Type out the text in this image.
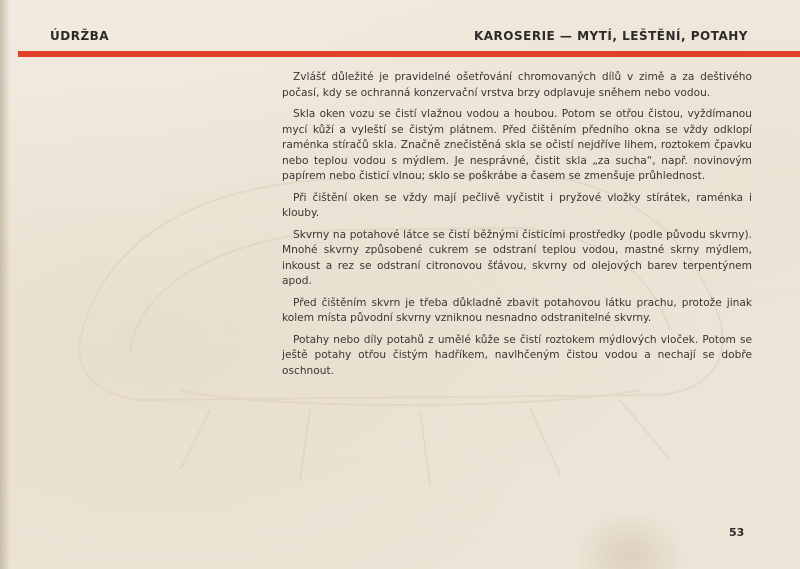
ÚDRŽBA	KAROSERIE — MYTÍ, LEŠTĚNÍ, POTAHY

Zvlášť důležité je pravidelné ošetřování chromovaných dílů v zimě a za deštivého počasí, kdy se ochranná konzervační vrstva brzy odplavuje sněhem nebo vodou.

Skla oken vozu se čistí vlažnou vodou a houbou. Potom se otřou čistou, vyždímanou mycí kůží a vyleští se čistým plátnem. Před čištěním předního okna se vždy odklopí raménka stíračů skla. Značně znečistěná skla se očistí nejdříve lihem, roztokem čpavku nebo teplou vodou s mýdlem. Je nesprávné, čistit skla „za sucha“, např. novinovým papírem nebo čisticí vlnou; sklo se poškrábe a časem se zmenšuje průhlednost.

Při čištění oken se vždy mají pečlivě vyčistit i pryžové vložky stírátek, raménka i klouby.

Skvrny na potahové látce se čistí běžnými čisticími prostředky (podle původu skvrny). Mnohé skvrny způsobené cukrem se odstraní teplou vodou, mastné skrny mýdlem, inkoust a rez se odstraní citronovou šťávou, skvrny od olejových barev terpentýnem apod.

Před čištěním skvrn je třeba důkladně zbavit potahovou látku prachu, protože jinak kolem místa původní skvrny vzniknou nesnadno odstranitelné skvrny.

Potahy nebo díly potahů z umělé kůže se čistí roztokem mýdlových vloček. Potom se ještě potahy otřou čistým hadříkem, navlhčeným čistou vodou a nechají se dobře oschnout.

53
